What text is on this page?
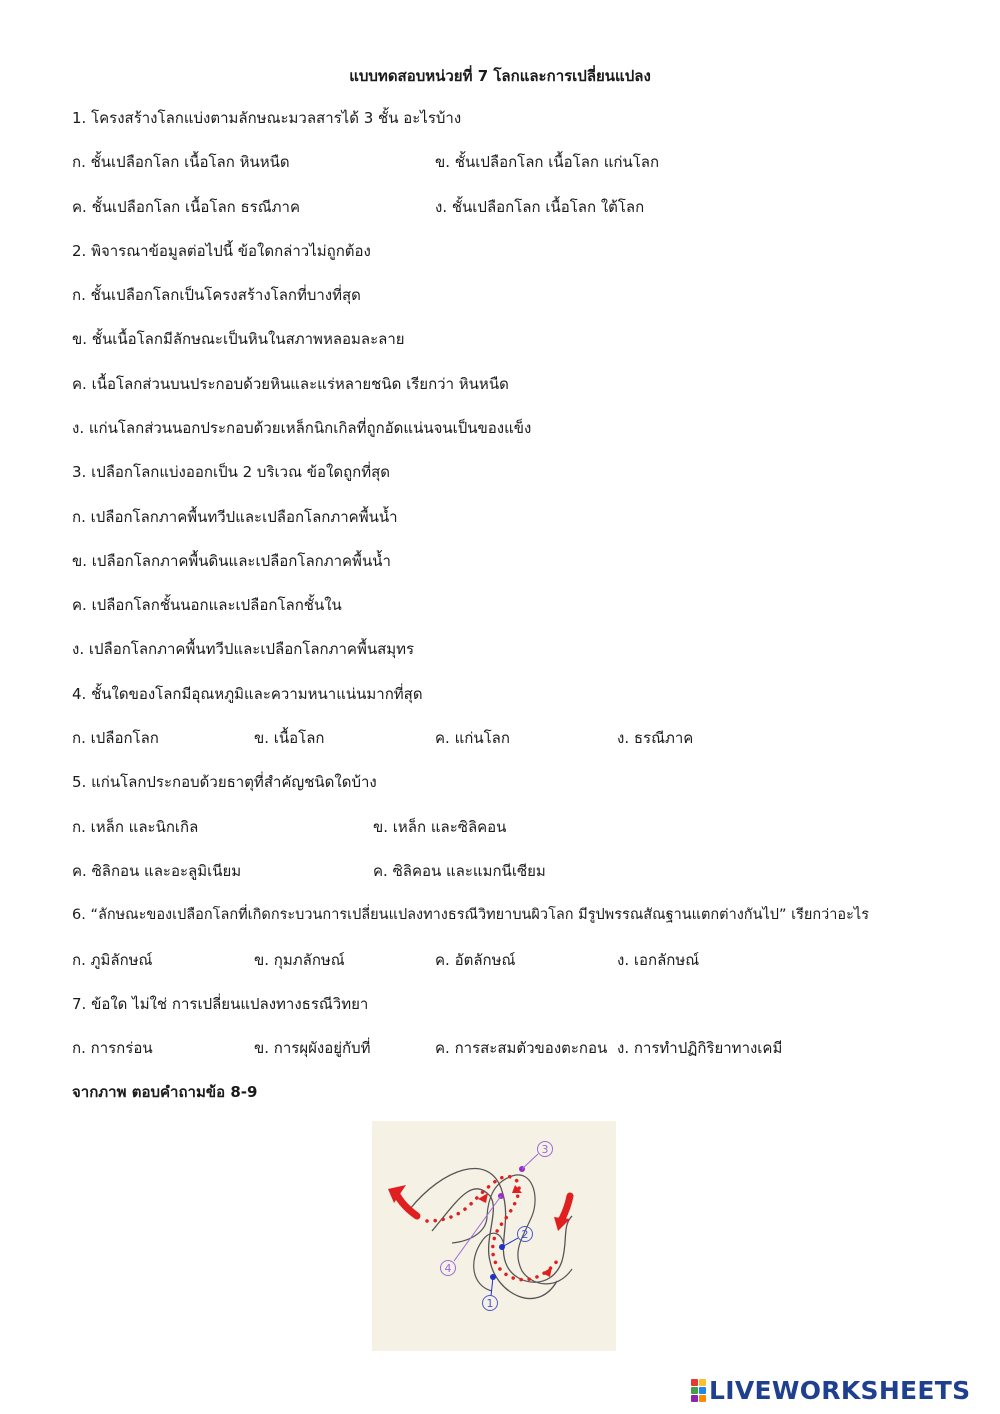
แบบทดสอบหน่วยที่ 7 โลกและการเปลี่ยนแปลง
1. โครงสร้างโลกแบ่งตามลักษณะมวลสารได้ 3 ชั้น อะไรบ้าง
ก. ชั้นเปลือกโลก เนื้อโลก หินหนืด	ข. ชั้นเปลือกโลก เนื้อโลก แก่นโลก
ค. ชั้นเปลือกโลก เนื้อโลก ธรณีภาค	ง. ชั้นเปลือกโลก เนื้อโลก ใต้โลก
2. พิจารณาข้อมูลต่อไปนี้ ข้อใดกล่าวไม่ถูกต้อง
ก. ชั้นเปลือกโลกเป็นโครงสร้างโลกที่บางที่สุด
ข. ชั้นเนื้อโลกมีลักษณะเป็นหินในสภาพหลอมละลาย
ค. เนื้อโลกส่วนบนประกอบด้วยหินและแร่หลายชนิด เรียกว่า หินหนืด
ง. แก่นโลกส่วนนอกประกอบด้วยเหล็กนิกเกิลที่ถูกอัดแน่นจนเป็นของแข็ง
3. เปลือกโลกแบ่งออกเป็น 2 บริเวณ ข้อใดถูกที่สุด
ก. เปลือกโลกภาคพื้นทวีปและเปลือกโลกภาคพื้นน้ำ
ข. เปลือกโลกภาคพื้นดินและเปลือกโลกภาคพื้นน้ำ
ค. เปลือกโลกชั้นนอกและเปลือกโลกชั้นใน
ง. เปลือกโลกภาคพื้นทวีปและเปลือกโลกภาคพื้นสมุทร
4. ชั้นใดของโลกมีอุณหภูมิและความหนาแน่นมากที่สุด
ก. เปลือกโลก	ข. เนื้อโลก	ค. แก่นโลก	ง. ธรณีภาค
5. แก่นโลกประกอบด้วยธาตุที่สำคัญชนิดใดบ้าง
ก. เหล็ก และนิกเกิล	ข. เหล็ก และซิลิคอน
ค. ซิลิกอน และอะลูมิเนียม	ค. ซิลิคอน และแมกนีเซียม
6. “ลักษณะของเปลือกโลกที่เกิดกระบวนการเปลี่ยนแปลงทางธรณีวิทยาบนผิวโลก มีรูปพรรณสัณฐานแตกต่างกันไป” เรียกว่าอะไร
ก. ภูมิลักษณ์	ข. กุมภลักษณ์	ค. อัตลักษณ์	ง. เอกลักษณ์
7. ข้อใด ไม่ใช่ การเปลี่ยนแปลงทางธรณีวิทยา
ก. การกร่อน	ข. การผุผังอยู่กับที่	ค. การสะสมตัวของตะกอน ง. การทำปฏิกิริยาทางเคมี
จากภาพ ตอบคำถามข้อ 8-9
1
2
3
4
LIVEWORKSHEETS
